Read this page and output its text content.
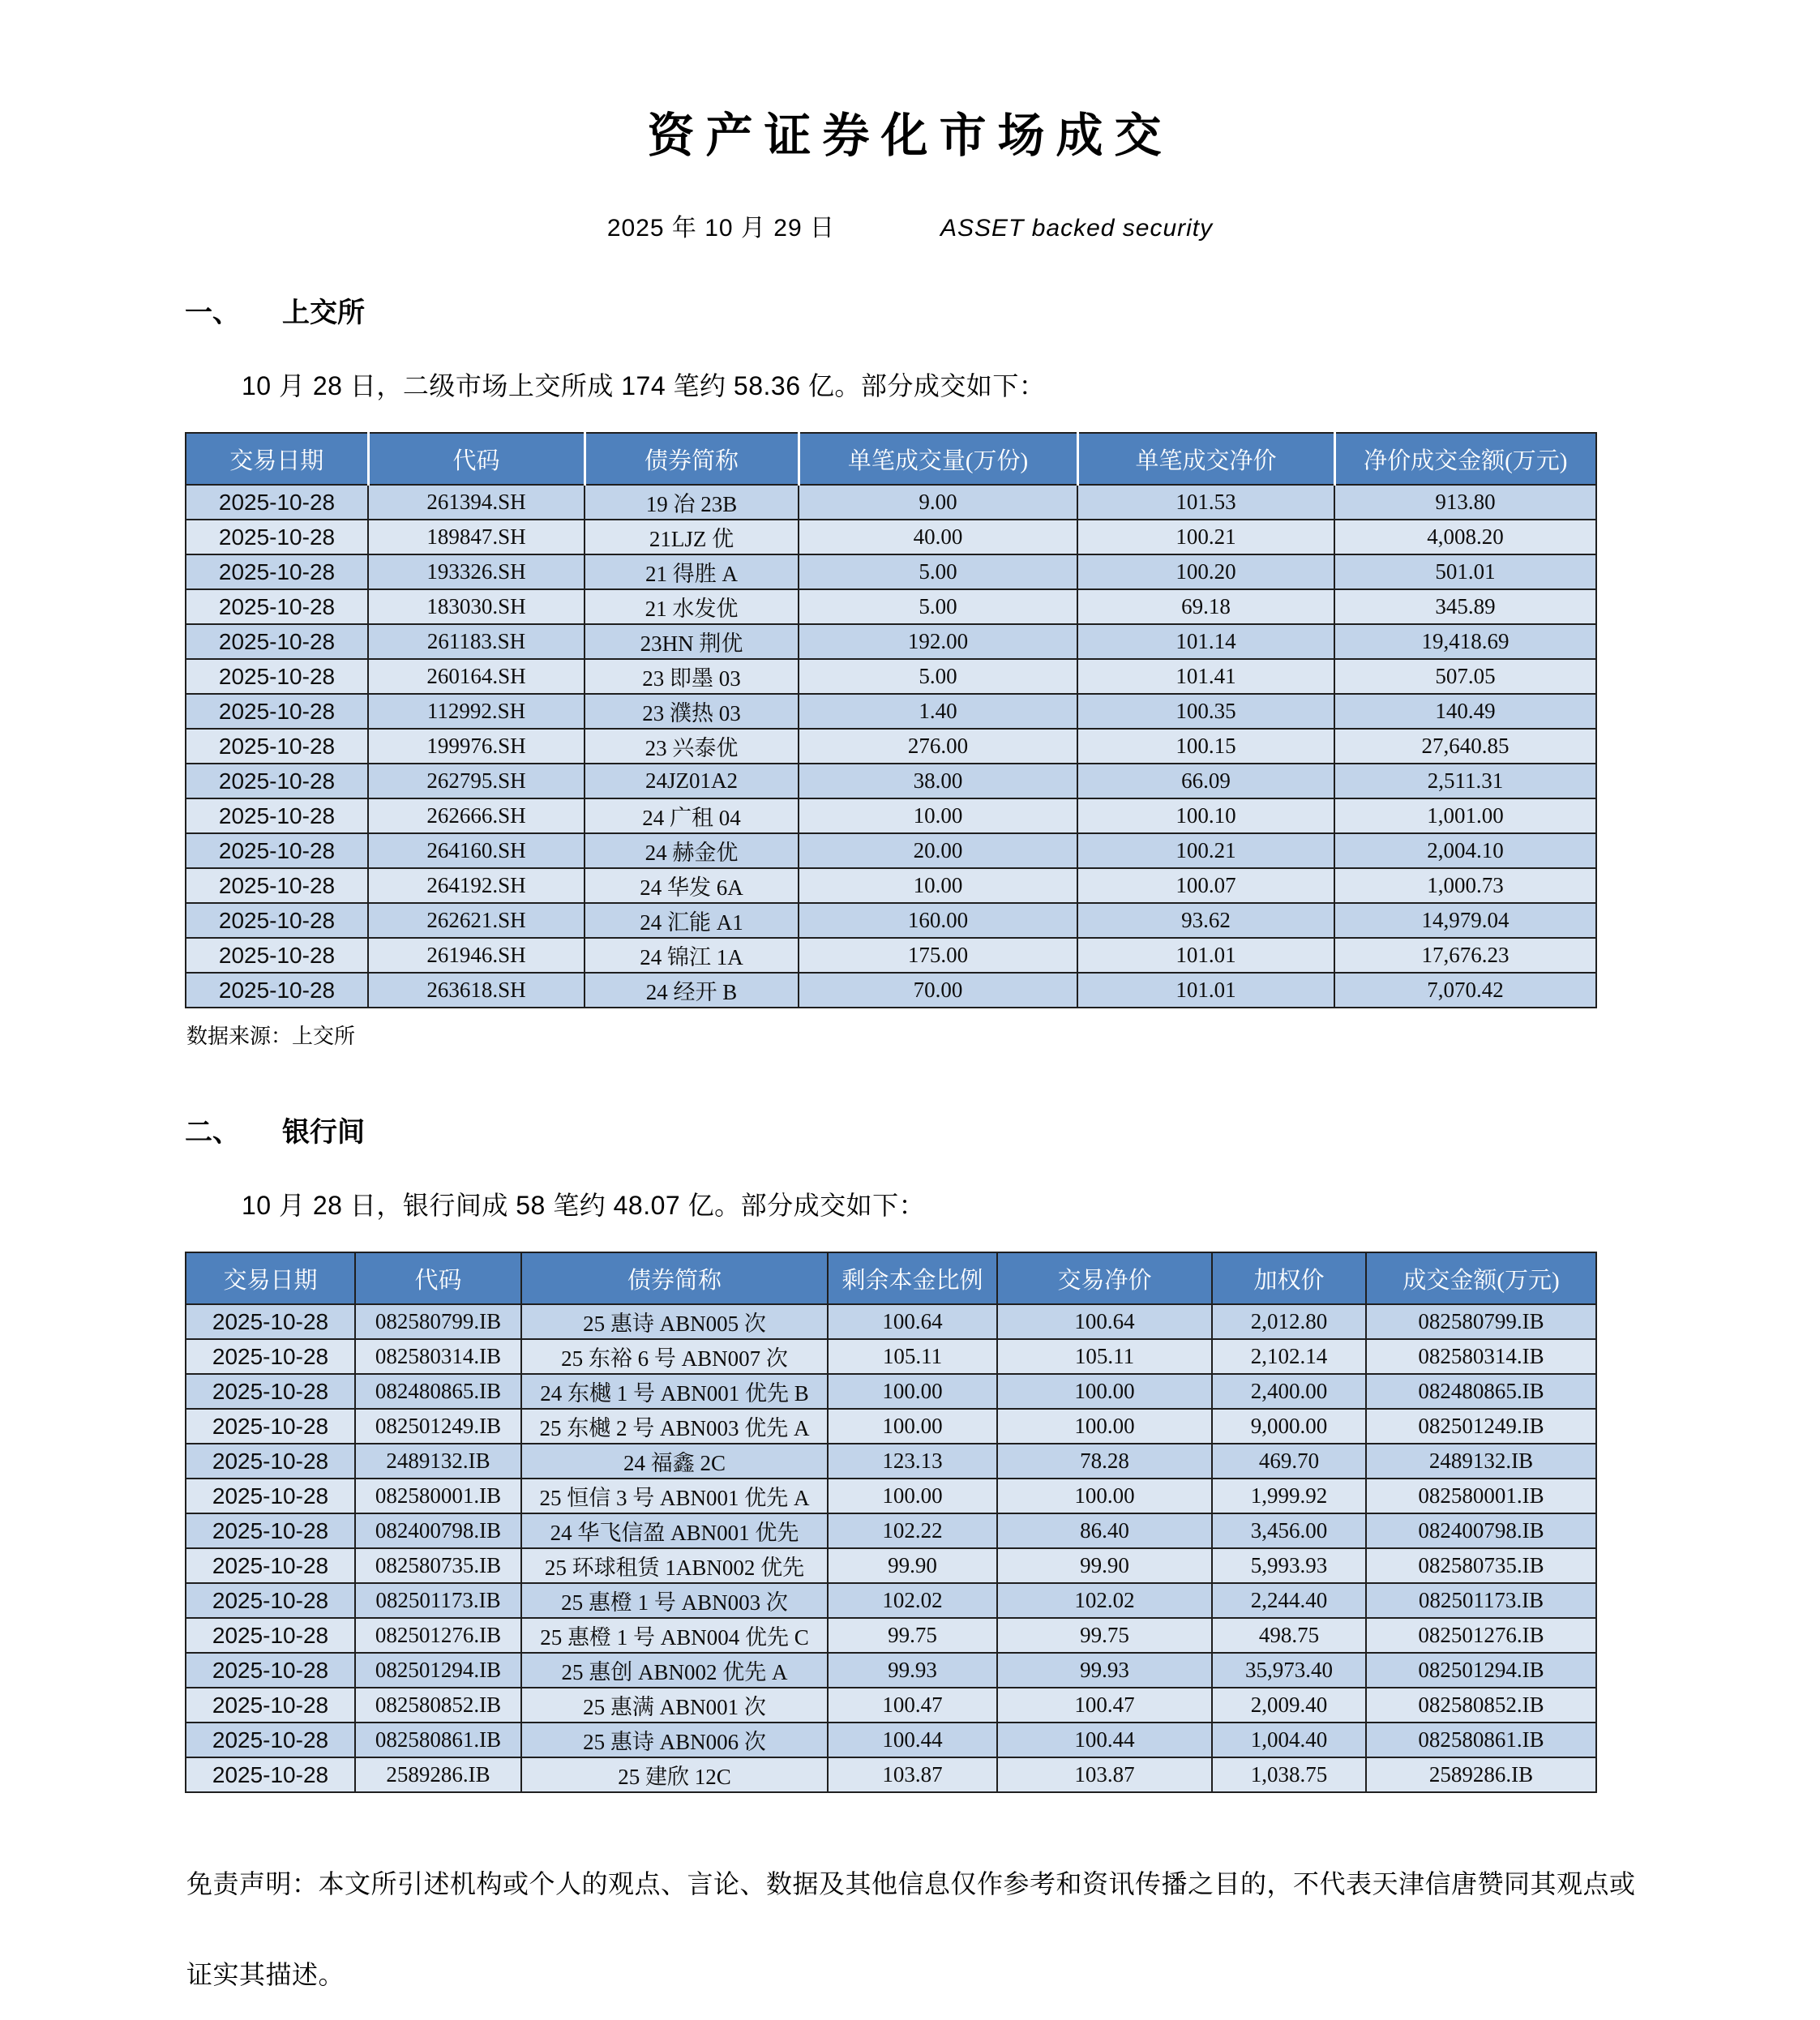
资产证券化市场成交
2025 年 10 月 29 日	ASSET backed security
一、 上交所

10 月 28 日，二级市场上交所成 174 笔约 58.36 亿。部分成交如下：

交易日期	代码	债券简称	单笔成交量(万份)	单笔成交净价	净价成交金额(万元)
2025-10-28	261394.SH	19 冶 23B	9.00	101.53	913.80
2025-10-28	189847.SH	21LJZ 优	40.00	100.21	4,008.20
2025-10-28	193326.SH	21 得胜 A	5.00	100.20	501.01
2025-10-28	183030.SH	21 水发优	5.00	69.18	345.89
2025-10-28	261183.SH	23HN 荆优	192.00	101.14	19,418.69
2025-10-28	260164.SH	23 即墨 03	5.00	101.41	507.05
2025-10-28	112992.SH	23 濮热 03	1.40	100.35	140.49
2025-10-28	199976.SH	23 兴泰优	276.00	100.15	27,640.85
2025-10-28	262795.SH	24JZ01A2	38.00	66.09	2,511.31
2025-10-28	262666.SH	24 广租 04	10.00	100.10	1,001.00
2025-10-28	264160.SH	24 赫金优	20.00	100.21	2,004.10
2025-10-28	264192.SH	24 华发 6A	10.00	100.07	1,000.73
2025-10-28	262621.SH	24 汇能 A1	160.00	93.62	14,979.04
2025-10-28	261946.SH	24 锦江 1A	175.00	101.01	17,676.23
2025-10-28	263618.SH	24 经开 B	70.00	101.01	7,070.42
数据来源：上交所
二、 银行间

10 月 28 日，银行间成 58 笔约 48.07 亿。部分成交如下：

交易日期	代码	债券简称	剩余本金比例	交易净价	加权价	成交金额(万元)
2025-10-28	082580799.IB	25 惠诗 ABN005 次	100.64	100.64	2,012.80	082580799.IB
2025-10-28	082580314.IB	25 东裕 6 号 ABN007 次	105.11	105.11	2,102.14	082580314.IB
2025-10-28	082480865.IB	24 东樾 1 号 ABN001 优先 B	100.00	100.00	2,400.00	082480865.IB
2025-10-28	082501249.IB	25 东樾 2 号 ABN003 优先 A	100.00	100.00	9,000.00	082501249.IB
2025-10-28	2489132.IB	24 福鑫 2C	123.13	78.28	469.70	2489132.IB
2025-10-28	082580001.IB	25 恒信 3 号 ABN001 优先 A	100.00	100.00	1,999.92	082580001.IB
2025-10-28	082400798.IB	24 华飞信盈 ABN001 优先	102.22	86.40	3,456.00	082400798.IB
2025-10-28	082580735.IB	25 环球租赁 1ABN002 优先	99.90	99.90	5,993.93	082580735.IB
2025-10-28	082501173.IB	25 惠橙 1 号 ABN003 次	102.02	102.02	2,244.40	082501173.IB
2025-10-28	082501276.IB	25 惠橙 1 号 ABN004 优先 C	99.75	99.75	498.75	082501276.IB
2025-10-28	082501294.IB	25 惠创 ABN002 优先 A	99.93	99.93	35,973.40	082501294.IB
2025-10-28	082580852.IB	25 惠满 ABN001 次	100.47	100.47	2,009.40	082580852.IB
2025-10-28	082580861.IB	25 惠诗 ABN006 次	100.44	100.44	1,004.40	082580861.IB
2025-10-28	2589286.IB	25 建欣 12C	103.87	103.87	1,038.75	2589286.IB

免责声明：本文所引述机构或个人的观点、言论、数据及其他信息仅作参考和资讯传播之目的，不代表天津信唐赞同其观点或证实其描述。
